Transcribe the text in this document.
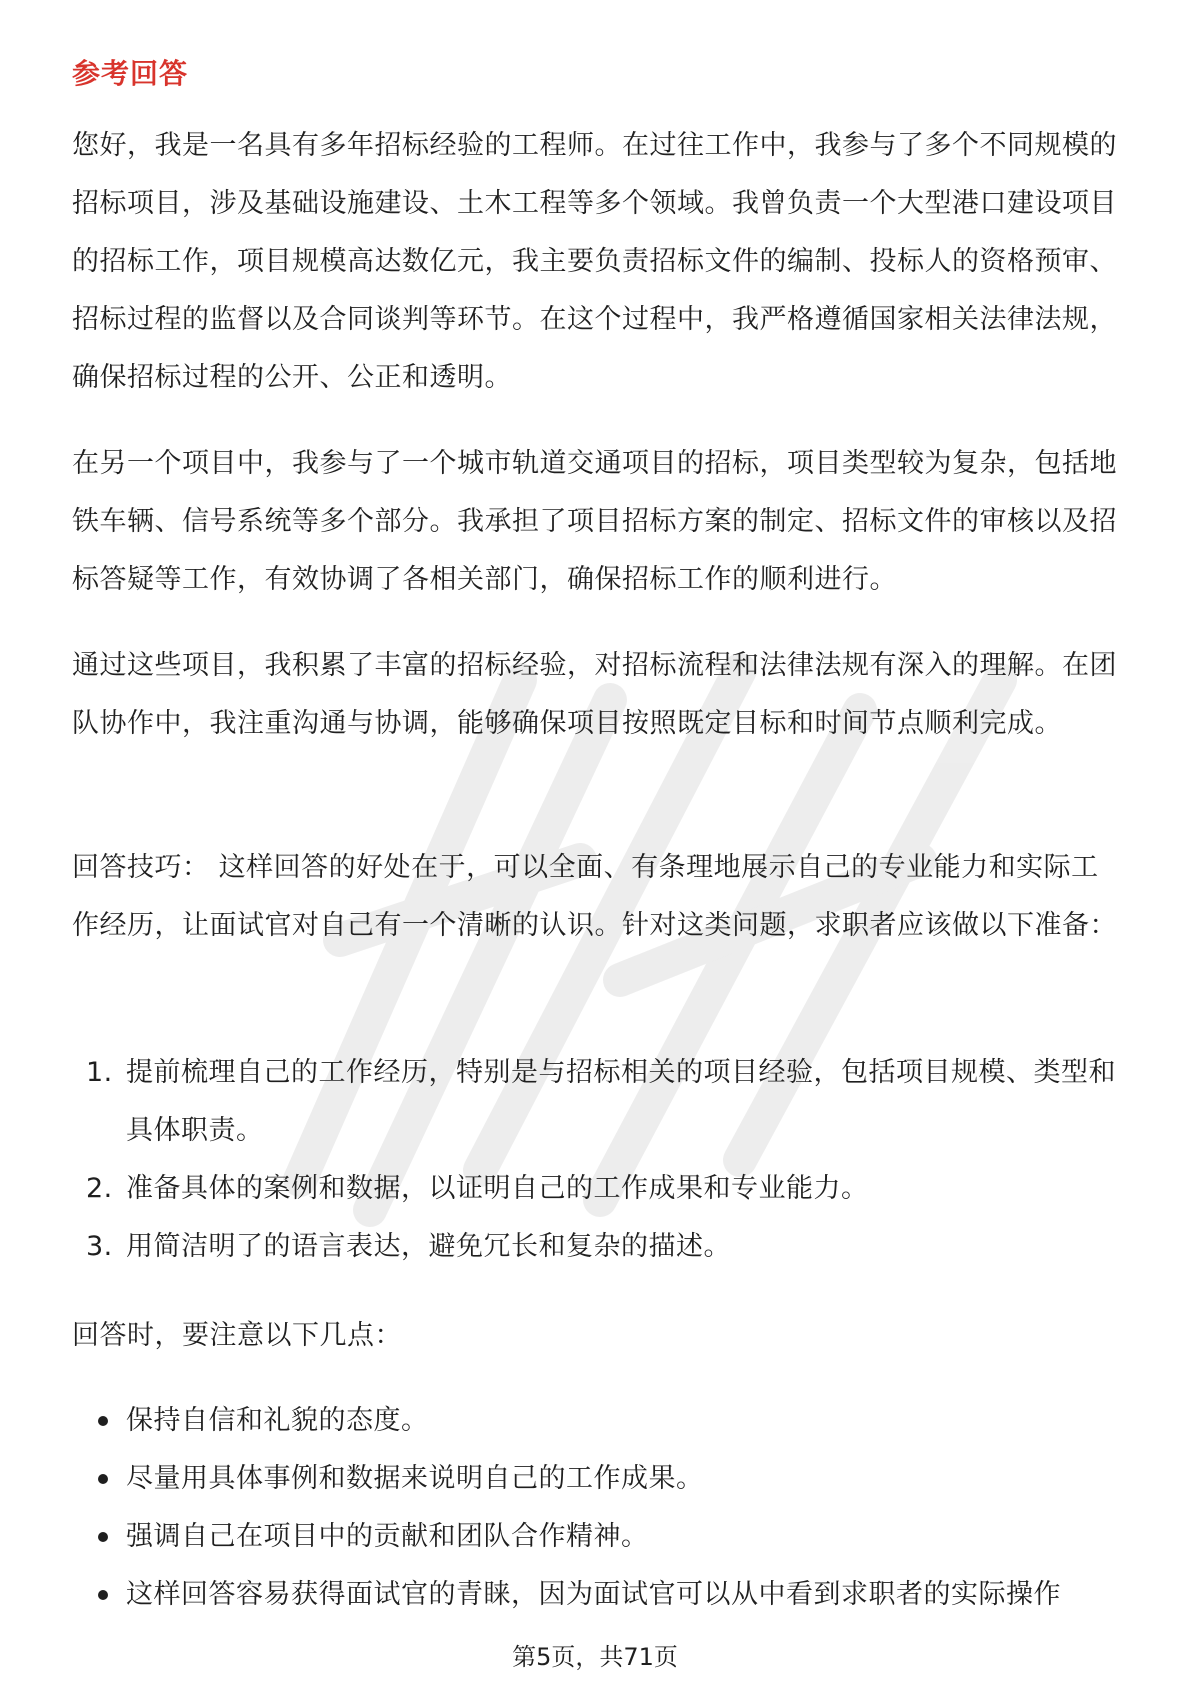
参考回答
您好，我是一名具有多年招标经验的工程师。在过往工作中，我参与了多个不同规模的招标项目，涉及基础设施建设、土木工程等多个领域。我曾负责一个大型港口建设项目的招标工作，项目规模高达数亿元，我主要负责招标文件的编制、投标人的资格预审、招标过程的监督以及合同谈判等环节。在这个过程中，我严格遵循国家相关法律法规，确保招标过程的公开、公正和透明。
在另一个项目中，我参与了一个城市轨道交通项目的招标，项目类型较为复杂，包括地铁车辆、信号系统等多个部分。我承担了项目招标方案的制定、招标文件的审核以及招标答疑等工作，有效协调了各相关部门，确保招标工作的顺利进行。
通过这些项目，我积累了丰富的招标经验，对招标流程和法律法规有深入的理解。在团队协作中，我注重沟通与协调，能够确保项目按照既定目标和时间节点顺利完成。
回答技巧： 这样回答的好处在于，可以全面、有条理地展示自己的专业能力和实际工作经历，让面试官对自己有一个清晰的认识。针对这类问题，求职者应该做以下准备：
1. 提前梳理自己的工作经历，特别是与招标相关的项目经验，包括项目规模、类型和具体职责。
2. 准备具体的案例和数据，以证明自己的工作成果和专业能力。
3. 用简洁明了的语言表达，避免冗长和复杂的描述。
回答时，要注意以下几点：
保持自信和礼貌的态度。
尽量用具体事例和数据来说明自己的工作成果。
强调自己在项目中的贡献和团队合作精神。
这样回答容易获得面试官的青睐，因为面试官可以从中看到求职者的实际操作
第5页，共71页
